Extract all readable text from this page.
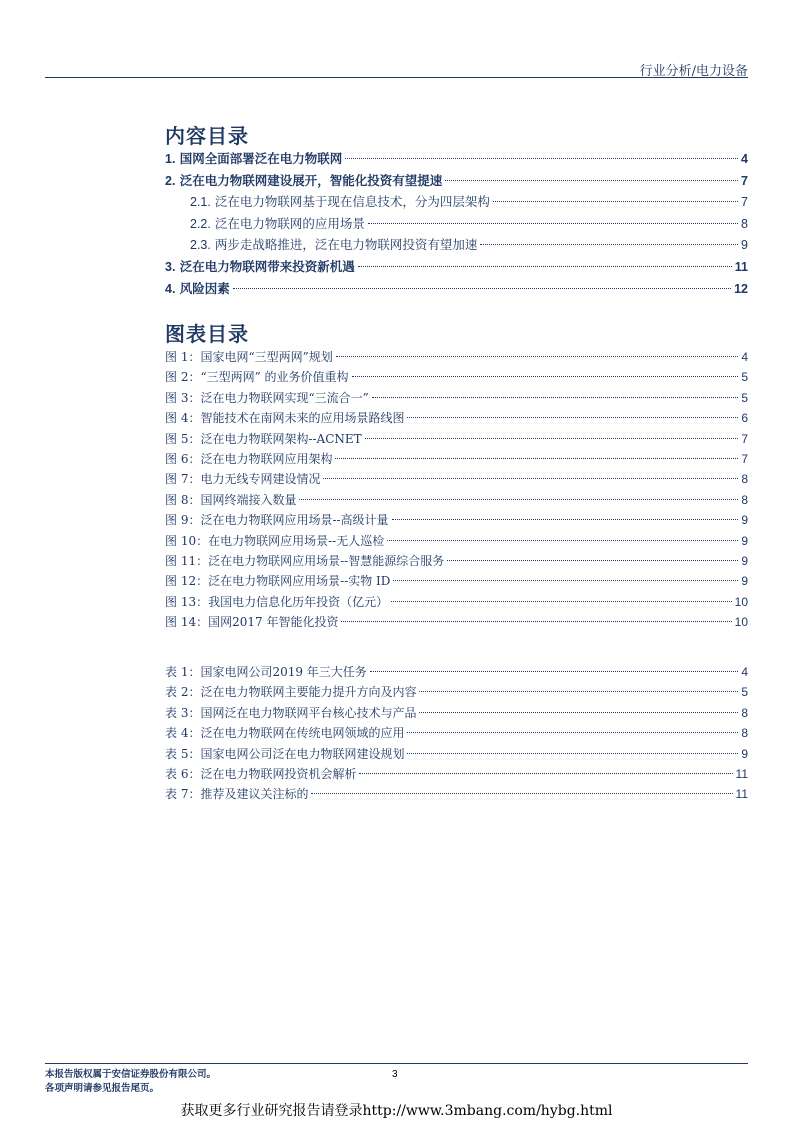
行业分析/电力设备
内容目录
1. 国网全面部署泛在电力物联网	4
2. 泛在电力物联网建设展开，智能化投资有望提速	7
2.1. 泛在电力物联网基于现在信息技术，分为四层架构	7
2.2. 泛在电力物联网的应用场景	8
2.3. 两步走战略推进，泛在电力物联网投资有望加速	9
3. 泛在电力物联网带来投资新机遇	11
4. 风险因素	12
图表目录
图 1：国家电网“三型两网”规划	4
图 2：“三型两网” 的业务价值重构	5
图 3：泛在电力物联网实现“三流合一”	5
图 4：智能技术在南网未来的应用场景路线图	6
图 5：泛在电力物联网架构--ACNET	7
图 6：泛在电力物联网应用架构	7
图 7：电力无线专网建设情况	8
图 8：国网终端接入数量	8
图 9：泛在电力物联网应用场景--高级计量	9
图 10：在电力物联网应用场景--无人巡检	9
图 11：泛在电力物联网应用场景--智慧能源综合服务	9
图 12：泛在电力物联网应用场景--实物 ID	9
图 13：我国电力信息化历年投资（亿元）	10
图 14：国网2017 年智能化投资	10
表 1：国家电网公司2019 年三大任务	4
表 2：泛在电力物联网主要能力提升方向及内容	5
表 3：国网泛在电力物联网平台核心技术与产品	8
表 4：泛在电力物联网在传统电网领域的应用	8
表 5：国家电网公司泛在电力物联网建设规划	9
表 6：泛在电力物联网投资机会解析	11
表 7：推荐及建议关注标的	11
本报告版权属于安信证券股份有限公司。
各项声明请参见报告尾页。
3
获取更多行业研究报告请登录http://www.3mbang.com/hybg.html
